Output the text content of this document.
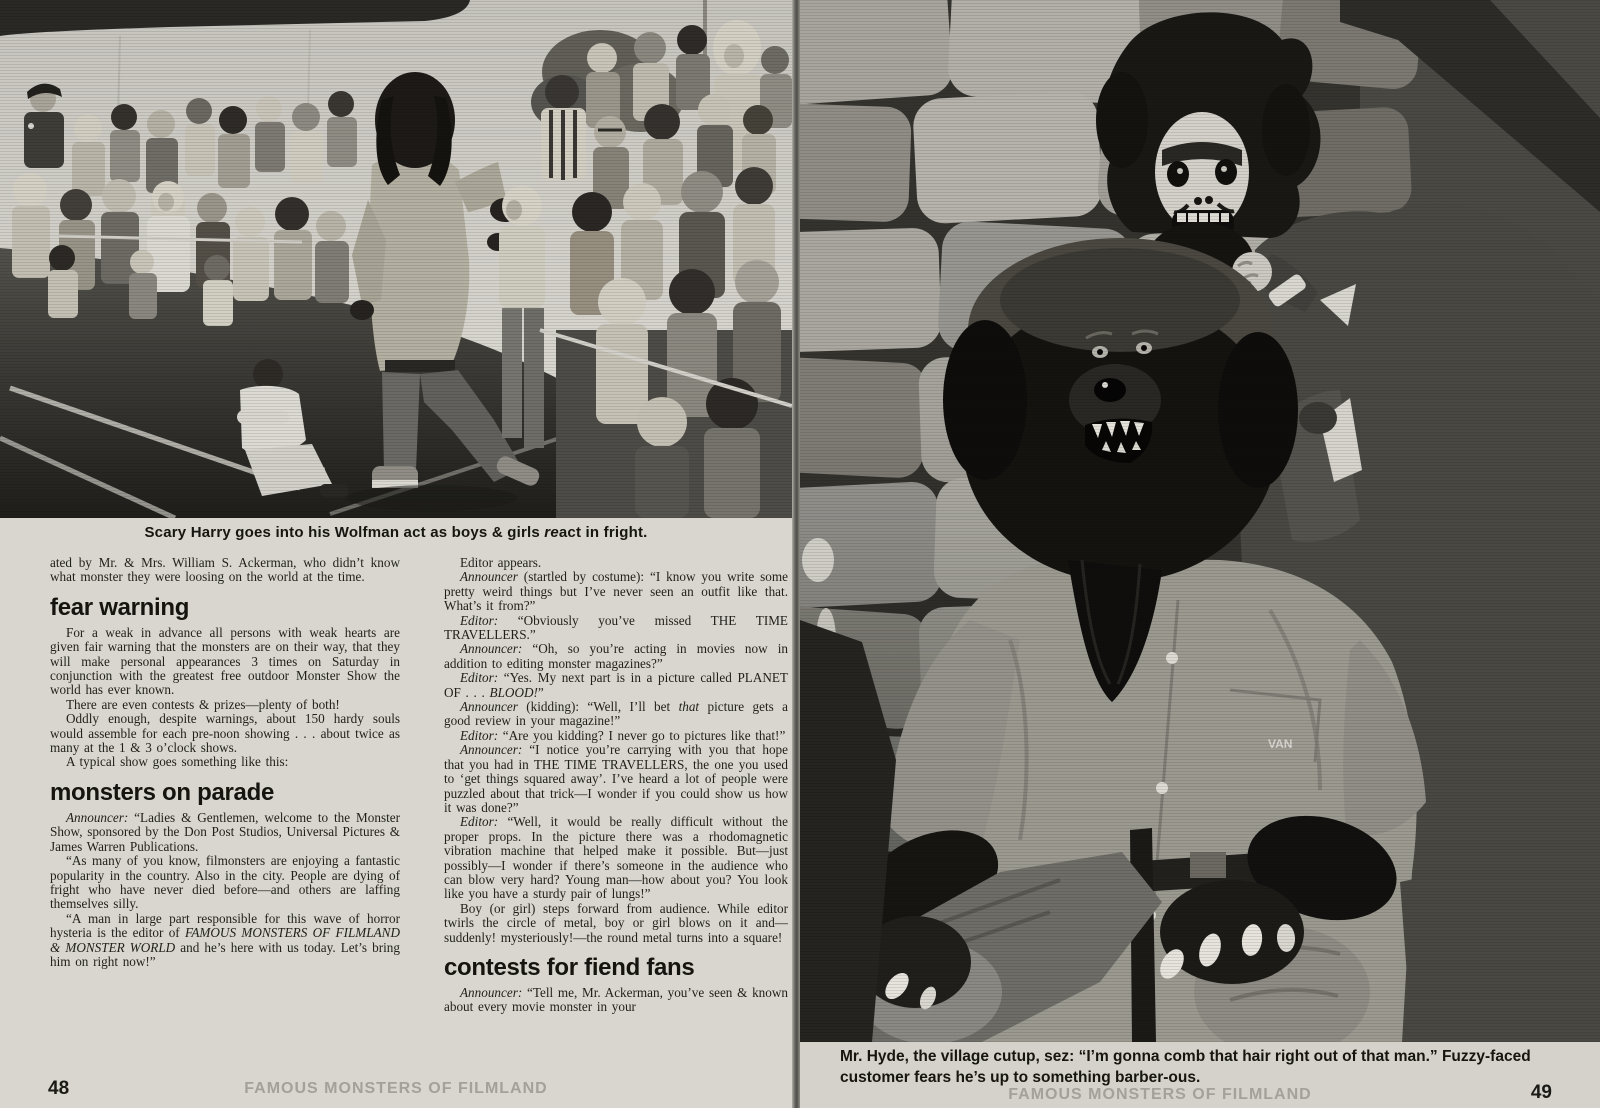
Scary Harry goes into his Wolfman act as boys & girls react in fright.

ated by Mr. & Mrs. William S. Ackerman, who didn’t know what monster they were loosing on the world at the time.

fear warning

For a weak in advance all persons with weak hearts are given fair warning that the monsters are on their way, that they will make personal appearances 3 times on Saturday in conjunction with the greatest free outdoor Monster Show the world has ever known.

There are even contests & prizes—plenty of both!

Oddly enough, despite warnings, about 150 hardy souls would assemble for each pre-noon showing . . . about twice as many at the 1 & 3 o’clock shows.

A typical show goes something like this:

monsters on parade

Announcer: “Ladies & Gentlemen, welcome to the Monster Show, sponsored by the Don Post Studios, Universal Pictures & James Warren Publications.

“As many of you know, filmonsters are enjoying a fantastic popularity in the country. Also in the city. People are dying of fright who have never died before—and others are laffing themselves silly.

“A man in large part responsible for this wave of horror hysteria is the editor of FAMOUS MONSTERS OF FILMLAND & MONSTER WORLD and he’s here with us today. Let’s bring him on right now!”

Editor appears.

Announcer (startled by costume): “I know you write some pretty weird things but I’ve never seen an outfit like that. What’s it from?”

Editor: “Obviously you’ve missed THE TIME TRAVELLERS.”

Announcer: “Oh, so you’re acting in movies now in addition to editing monster magazines?”

Editor: “Yes. My next part is in a picture called PLANET OF . . . BLOOD!”

Announcer (kidding): “Well, I’ll bet that picture gets a good review in your magazine!”

Editor: “Are you kidding? I never go to pictures like that!”

Announcer: “I notice you’re carrying with you that hope that you had in THE TIME TRAVELLERS, the one you used to ‘get things squared away’. I’ve heard a lot of people were puzzled about that trick—I wonder if you could show us how it was done?”

Editor: “Well, it would be really difficult without the proper props. In the picture there was a rhodomagnetic vibration machine that helped make it possible. But—just possibly—I wonder if there’s someone in the audience who can blow very hard? Young man—how about you? You look like you have a sturdy pair of lungs!”

Boy (or girl) steps forward from audience. While editor twirls the circle of metal, boy or girl blows on it and—suddenly! mysteriously!—the round metal turns into a square!

contests for fiend fans

Announcer: “Tell me, Mr. Ackerman, you’ve seen & known about every movie monster in your

48	FAMOUS MONSTERS OF FILMLAND
VAN

Mr. Hyde, the village cutup, sez: “I’m gonna comb that hair right out of that man.” Fuzzy-faced customer fears he’s up to something barber-ous.

FAMOUS MONSTERS OF FILMLAND	49
